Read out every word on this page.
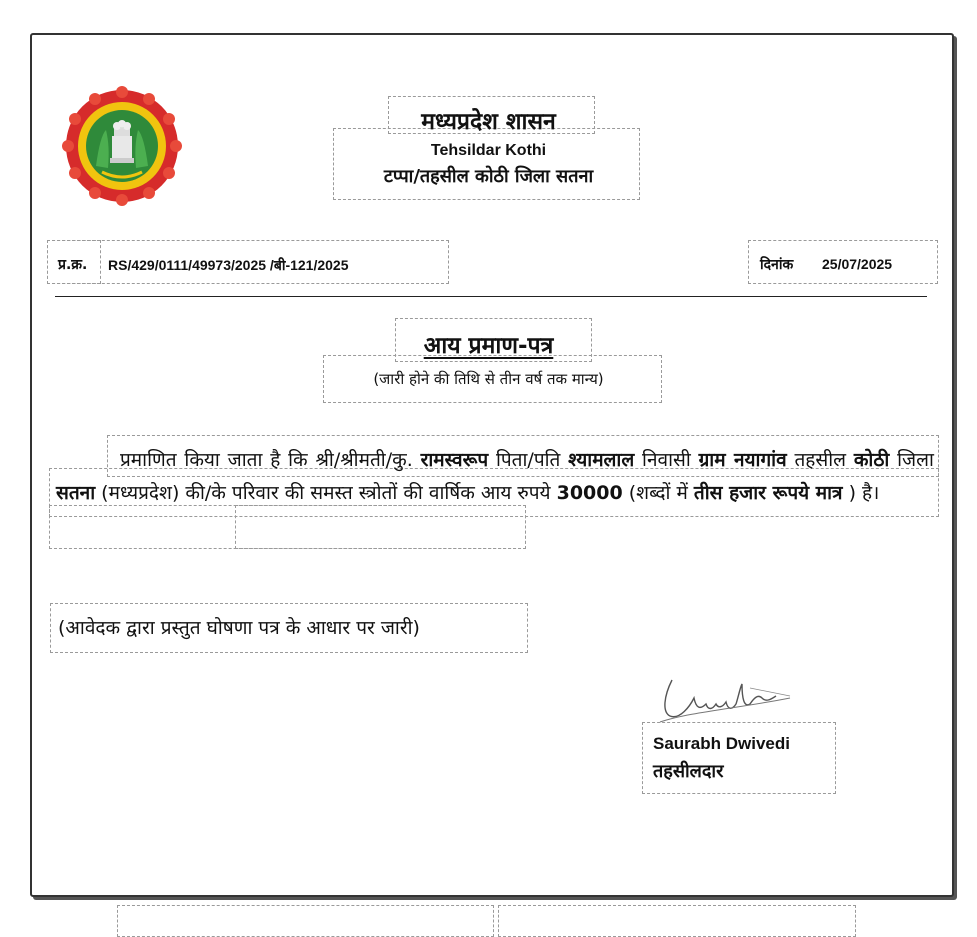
मध्यप्रदेश शासन
Tehsildar Kothi
टप्पा/तहसील कोठी जिला सतना
प्र.क्र. RS/429/0111/49973/2025 /बी-121/2025	दिनांक 25/07/2025
आय प्रमाण-पत्र
(जारी होने की तिथि से तीन वर्ष तक मान्य)

प्रमाणित किया जाता है कि श्री/श्रीमती/कु. रामस्वरूप पिता/पति श्यामलाल निवासी ग्राम नयागांव तहसील कोठी जिला सतना (मध्यप्रदेश) की/के परिवार की समस्त स्त्रोतों की वार्षिक आय रुपये 30000 (शब्दों में तीस हजार रूपये मात्र ) है।

(आवेदक द्वारा प्रस्तुत घोषणा पत्र के आधार पर जारी)
Saurabh Dwivedi
तहसीलदार
